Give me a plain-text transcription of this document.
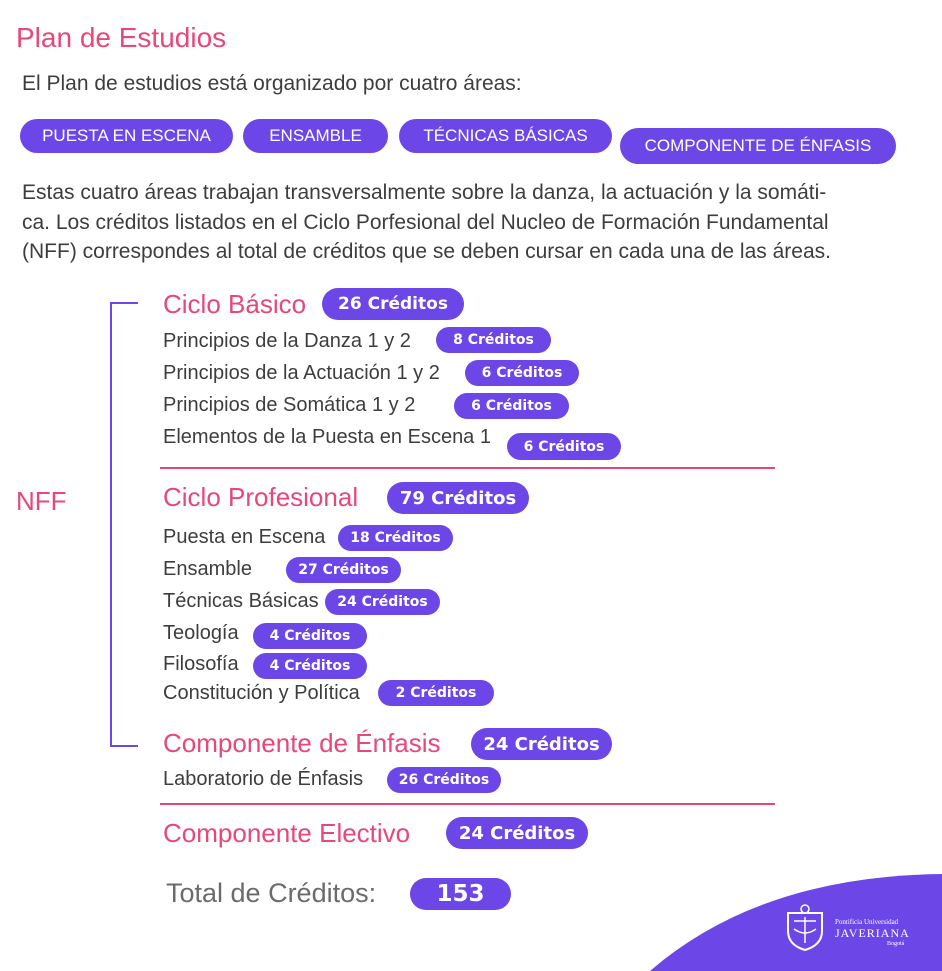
Plan de Estudios
El Plan de estudios está organizado por cuatro áreas:
PUESTA EN ESCENA	ENSAMBLE	TÉCNICAS BÁSICAS
COMPONENTE DE ÉNFASIS
Estas cuatro áreas trabajan transversalmente sobre la danza, la actuación y la somáti-
ca. Los créditos listados en el Ciclo Porfesional del Nucleo de Formación Fundamental
(NFF) correspondes al total de créditos que se deben cursar en cada una de las áreas.
NFF
Ciclo Básico	26 Créditos
Principios de la Danza 1 y 2	8 Créditos
Principios de la Actuación 1 y 2	6 Créditos
Principios de Somática 1 y 2	6 Créditos
Elementos de la Puesta en Escena 1	6 Créditos
Ciclo Profesional	79 Créditos
Puesta en Escena	18 Créditos
Ensamble	27 Créditos
Técnicas Básicas	24 Créditos
Teología	4 Créditos
Filosofía	4 Créditos
Constitución y Política	2 Créditos
Componente de Énfasis	24 Créditos
Laboratorio de Énfasis	26 Créditos
Componente Electivo	24 Créditos
Total de Créditos:	153
Pontificia Universidad
JAVERIANA
Bogotá
